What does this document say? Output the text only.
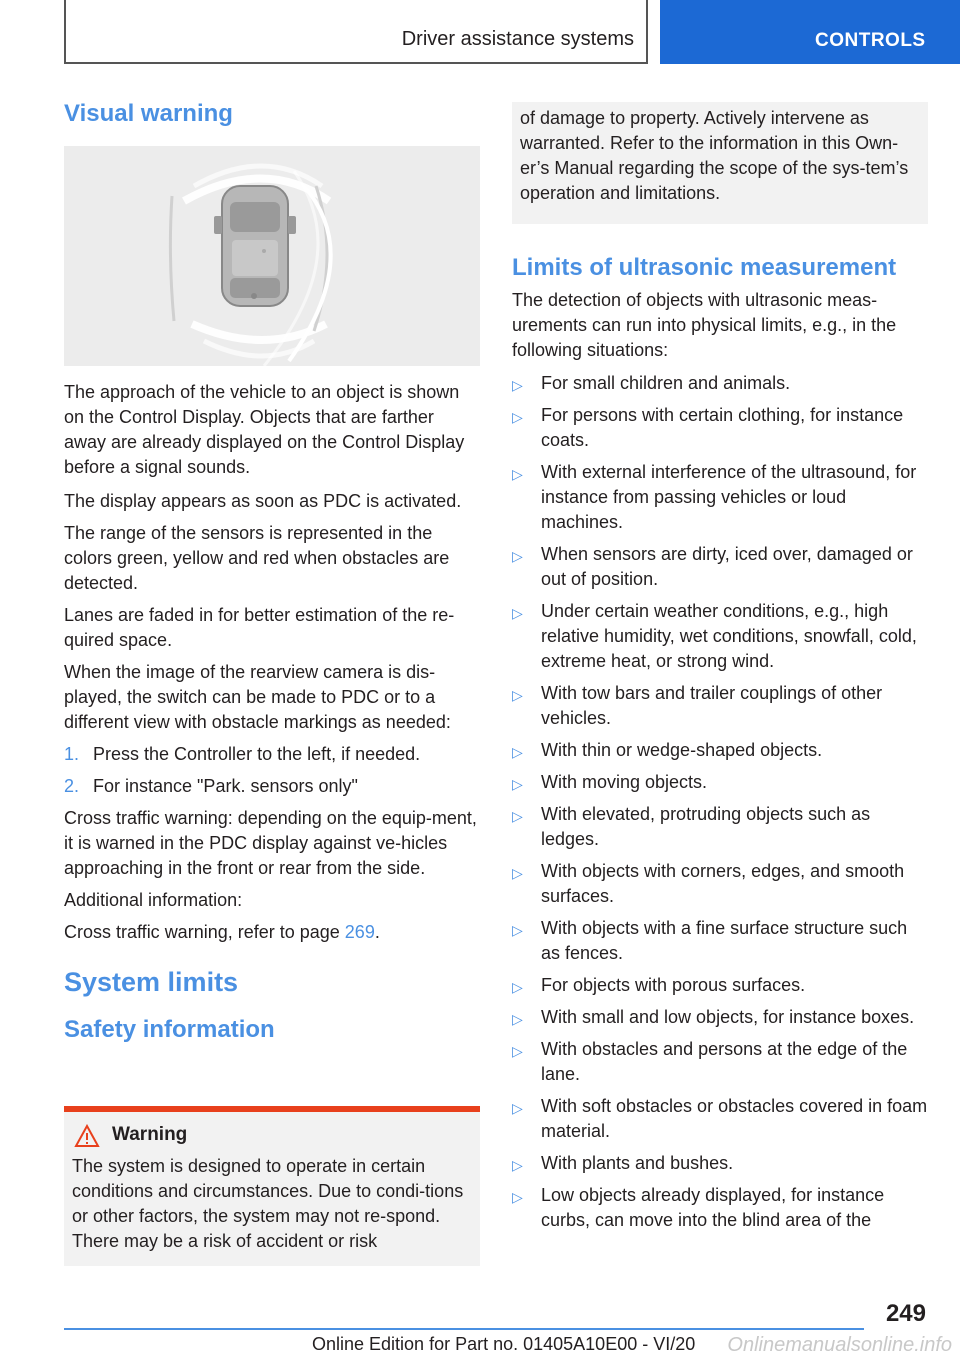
Driver assistance systems	CONTROLS
Visual warning

The approach of the vehicle to an object is shown on the Control Display. Objects that are farther away are already displayed on the Control Display before a signal sounds.

The display appears as soon as PDC is activated.

The range of the sensors is represented in the colors green, yellow and red when obstacles are detected.

Lanes are faded in for better estimation of the re‐quired space.

When the image of the rearview camera is dis‐played, the switch can be made to PDC or to a different view with obstacle markings as needed:

1. Press the Controller to the left, if needed.
2. For instance "Park. sensors only"

Cross traffic warning: depending on the equip‐ment, it is warned in the PDC display against ve‐hicles approaching in the front or rear from the side.

Additional information:

Cross traffic warning, refer to page 269.

System limits
Safety information
Warning

The system is designed to operate in certain conditions and circumstances. Due to condi‐tions or other factors, the system may not re‐spond. There may be a risk of accident or risk

of damage to property. Actively intervene as warranted. Refer to the information in this Own‐er’s Manual regarding the scope of the sys‐tem’s operation and limitations.

Limits of ultrasonic measurement

The detection of objects with ultrasonic meas‐urements can run into physical limits, e.g., in the following situations:

▷ For small children and animals.
▷ For persons with certain clothing, for instance coats.
▷ With external interference of the ultrasound, for instance from passing vehicles or loud machines.
▷ When sensors are dirty, iced over, damaged or out of position.
▷ Under certain weather conditions, e.g., high relative humidity, wet conditions, snowfall, cold, extreme heat, or strong wind.
▷ With tow bars and trailer couplings of other vehicles.
▷ With thin or wedge-shaped objects.
▷ With moving objects.
▷ With elevated, protruding objects such as ledges.
▷ With objects with corners, edges, and smooth surfaces.
▷ With objects with a fine surface structure such as fences.
▷ For objects with porous surfaces.
▷ With small and low objects, for instance boxes.
▷ With obstacles and persons at the edge of the lane.
▷ With soft obstacles or obstacles covered in foam material.
▷ With plants and bushes.
▷ Low objects already displayed, for instance curbs, can move into the blind area of the
249
Online Edition for Part no. 01405A10E00 - VI/20 Onlinemanualsonline.info
